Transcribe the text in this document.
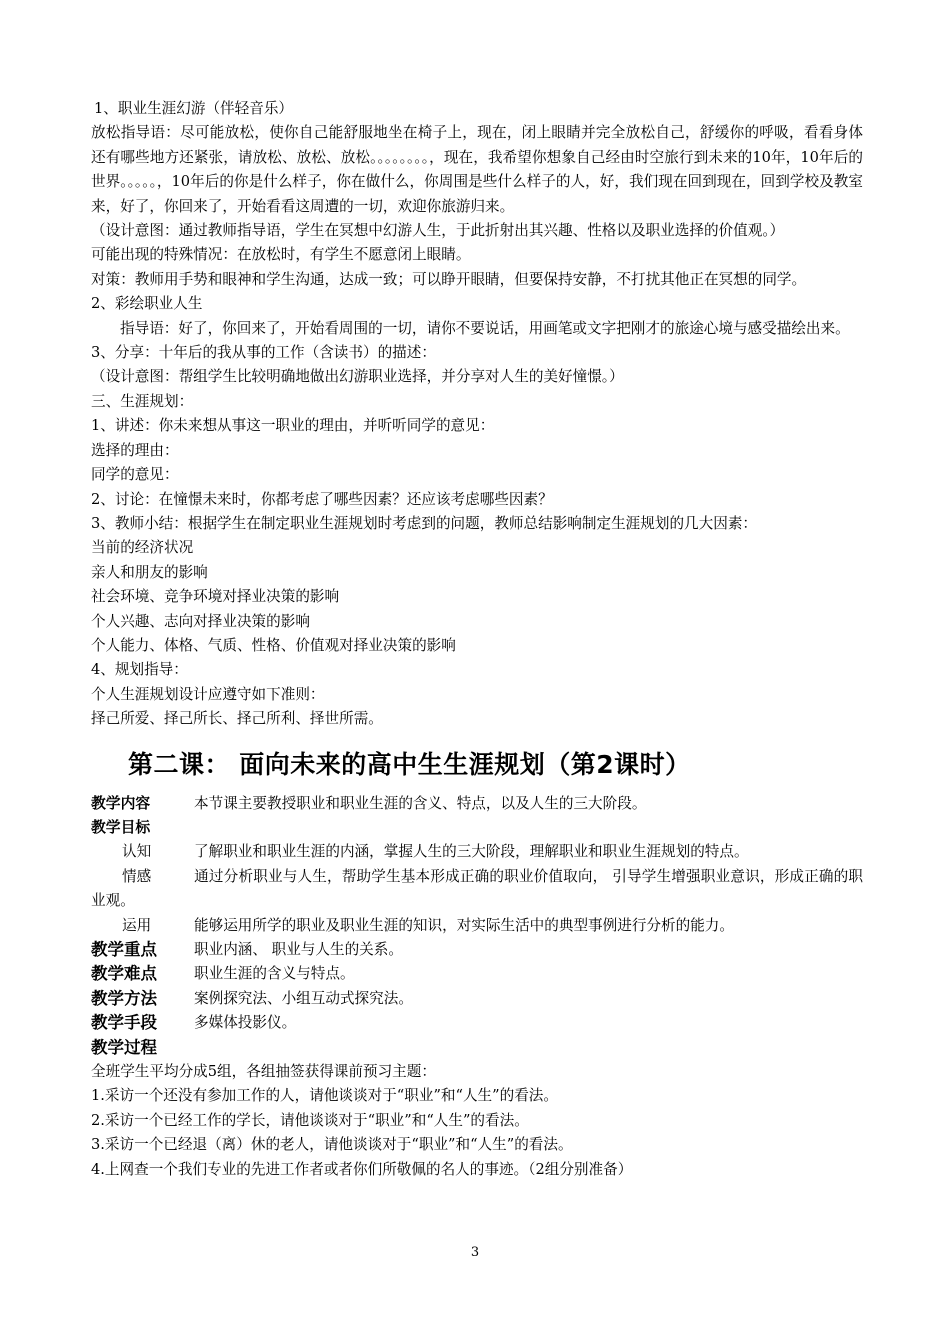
1、职业生涯幻游（伴轻音乐）

放松指导语：尽可能放松，使你自己能舒服地坐在椅子上，现在，闭上眼睛并完全放松自己，舒缓你的呼吸，看看身体还有哪些地方还紧张，请放松、放松、放松。。。。。。。。，现在，我希望你想象自己经由时空旅行到未来的10年，10年后的世界。。。。。，10年后的你是什么样子，你在做什么，你周围是些什么样子的人，好，我们现在回到现在，回到学校及教室来，好了，你回来了，开始看看这周遭的一切，欢迎你旅游归来。

（设计意图：通过教师指导语，学生在冥想中幻游人生，于此折射出其兴趣、性格以及职业选择的价值观。）

可能出现的特殊情况：在放松时，有学生不愿意闭上眼睛。

对策：教师用手势和眼神和学生沟通，达成一致；可以睁开眼睛，但要保持安静，不打扰其他正在冥想的同学。

2、彩绘职业人生

指导语：好了，你回来了，开始看周围的一切，请你不要说话，用画笔或文字把刚才的旅途心境与感受描绘出来。

3、分享：十年后的我从事的工作（含读书）的描述：

（设计意图：帮组学生比较明确地做出幻游职业选择，并分享对人生的美好憧憬。）

三、生涯规划：

1、讲述：你未来想从事这一职业的理由，并听听同学的意见：

选择的理由：

同学的意见：

2、讨论：在憧憬未来时，你都考虑了哪些因素？还应该考虑哪些因素？

3、教师小结：根据学生在制定职业生涯规划时考虑到的问题，教师总结影响制定生涯规划的几大因素：

当前的经济状况

亲人和朋友的影响

社会环境、竞争环境对择业决策的影响

个人兴趣、志向对择业决策的影响

个人能力、体格、气质、性格、价值观对择业决策的影响

4、规划指导：

个人生涯规划设计应遵守如下准则：

择己所爱、择己所长、择己所利、择世所需。

第二课： 面向未来的高中生生涯规划（第2课时）
教学内容	本节课主要教授职业和职业生涯的含义、特点，以及人生的三大阶段。
教学目标
认知	了解职业和职业生涯的内涵，掌握人生的三大阶段，理解职业和职业生涯规划的特点。
情感	通过分析职业与人生，帮助学生基本形成正确的职业价值取向， 引导学生增强职业意识，形成正确的职业观。
运用	能够运用所学的职业及职业生涯的知识，对实际生活中的典型事例进行分析的能力。
教学重点	职业内涵、 职业与人生的关系。
教学难点	职业生涯的含义与特点。
教学方法	案例探究法、小组互动式探究法。
教学手段	多媒体投影仪。
教学过程

全班学生平均分成5组，各组抽签获得课前预习主题：

1.采访一个还没有参加工作的人，请他谈谈对于“职业”和“人生”的看法。

2.采访一个已经工作的学长，请他谈谈对于“职业”和“人生”的看法。

3.采访一个已经退（离）休的老人，请他谈谈对于“职业”和“人生”的看法。

4.上网查一个我们专业的先进工作者或者你们所敬佩的名人的事迹。（2组分别准备）

3
